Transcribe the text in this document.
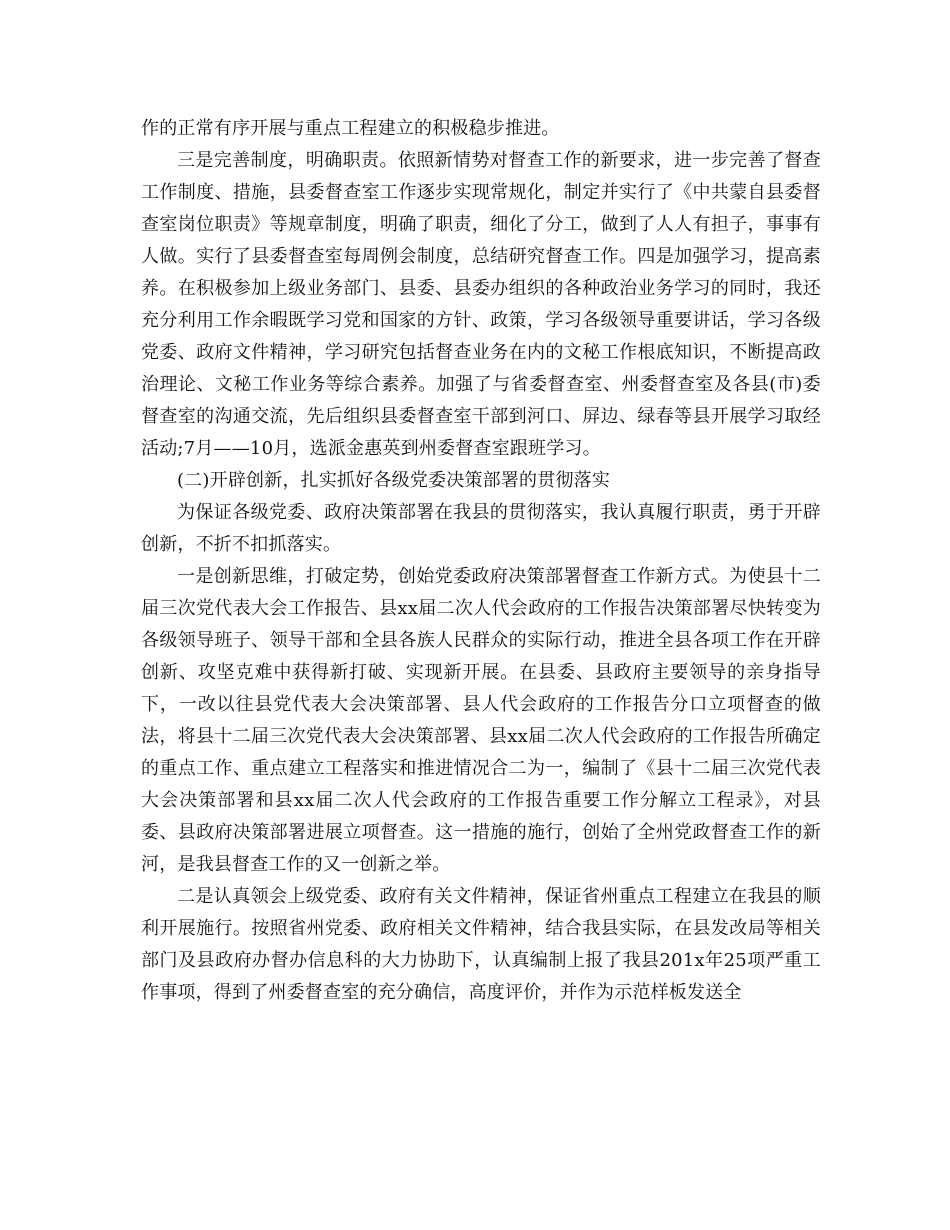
作的正常有序开展与重点工程建立的积极稳步推进。

三是完善制度，明确职责。依照新情势对督查工作的新要求，进一步完善了督查工作制度、措施，县委督查室工作逐步实现常规化，制定并实行了《中共蒙自县委督查室岗位职责》等规章制度，明确了职责，细化了分工，做到了人人有担子，事事有人做。实行了县委督查室每周例会制度，总结研究督查工作。四是加强学习，提高素养。在积极参加上级业务部门、县委、县委办组织的各种政治业务学习的同时，我还充分利用工作余暇既学习党和国家的方针、政策，学习各级领导重要讲话，学习各级党委、政府文件精神，学习研究包括督查业务在内的文秘工作根底知识，不断提高政治理论、文秘工作业务等综合素养。加强了与省委督查室、州委督查室及各县(市)委督查室的沟通交流，先后组织县委督查室干部到河口、屏边、绿春等县开展学习取经活动;7月——10月，选派金惠英到州委督查室跟班学习。

(二)开辟创新，扎实抓好各级党委决策部署的贯彻落实

为保证各级党委、政府决策部署在我县的贯彻落实，我认真履行职责，勇于开辟创新，不折不扣抓落实。

一是创新思维，打破定势，创始党委政府决策部署督查工作新方式。为使县十二届三次党代表大会工作报告、县xx届二次人代会政府的工作报告决策部署尽快转变为各级领导班子、领导干部和全县各族人民群众的实际行动，推进全县各项工作在开辟创新、攻坚克难中获得新打破、实现新开展。在县委、县政府主要领导的亲身指导下，一改以往县党代表大会决策部署、县人代会政府的工作报告分口立项督查的做法，将县十二届三次党代表大会决策部署、县xx届二次人代会政府的工作报告所确定的重点工作、重点建立工程落实和推进情况合二为一，编制了《县十二届三次党代表大会决策部署和县xx届二次人代会政府的工作报告重要工作分解立工程录》，对县委、县政府决策部署进展立项督查。这一措施的施行，创始了全州党政督查工作的新河，是我县督查工作的又一创新之举。

二是认真领会上级党委、政府有关文件精神，保证省州重点工程建立在我县的顺利开展施行。按照省州党委、政府相关文件精神，结合我县实际，在县发改局等相关部门及县政府办督办信息科的大力协助下，认真编制上报了我县201x年25项严重工作事项，得到了州委督查室的充分确信，高度评价，并作为示范样板发送全
